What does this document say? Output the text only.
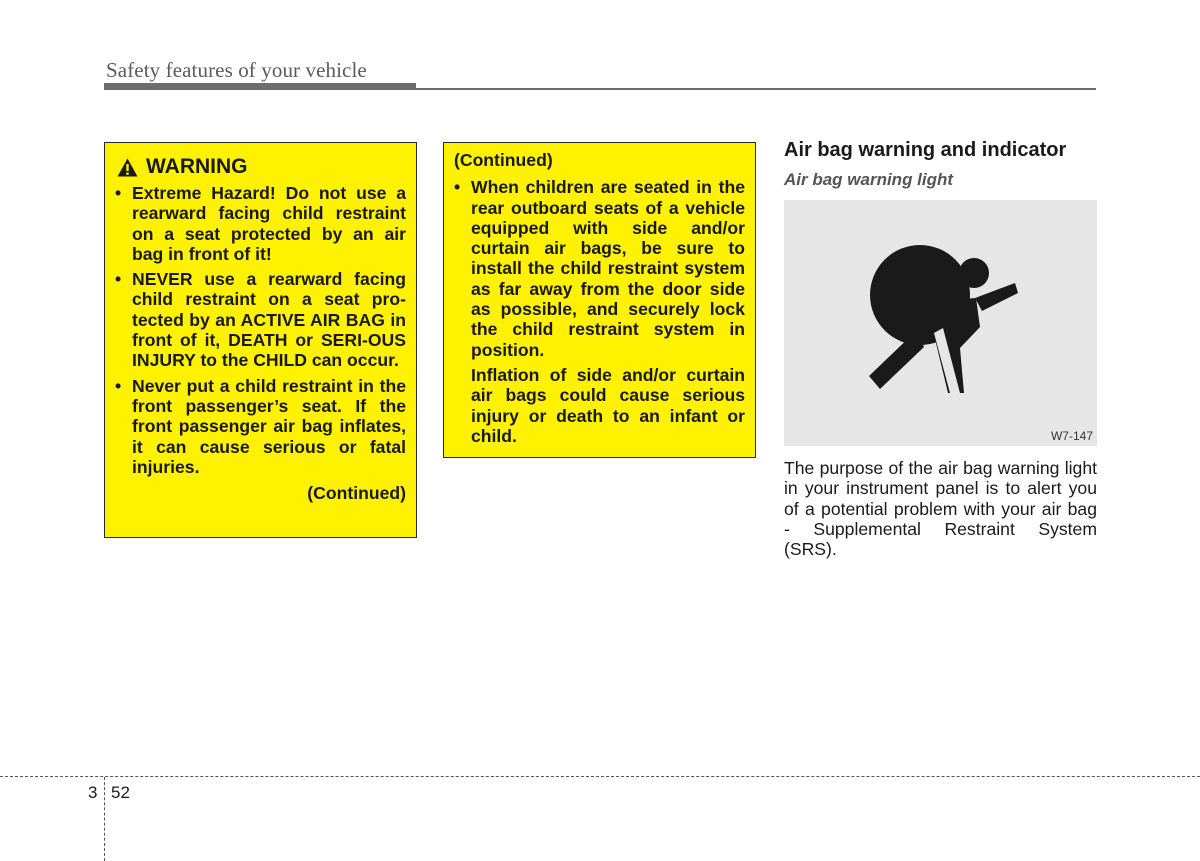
Safety features of your vehicle
WARNING
• Extreme Hazard! Do not use a rearward facing child restraint on a seat protected by an air bag in front of it!
• NEVER use a rearward facing child restraint on a seat pro-tected by an ACTIVE AIR BAG in front of it, DEATH or SERI-OUS INJURY to the CHILD can occur.
• Never put a child restraint in the front passenger’s seat. If the front passenger air bag inflates, it can cause serious or fatal injuries.
(Continued)
(Continued)
• When children are seated in the rear outboard seats of a vehicle equipped with side and/or curtain air bags, be sure to install the child restraint system as far away from the door side as possible, and securely lock the child restraint system in position.
Inflation of side and/or curtain air bags could cause serious injury or death to an infant or child.
Air bag warning and indicator
Air bag warning light
W7-147
The purpose of the air bag warning light in your instrument panel is to alert you of a potential problem with your air bag - Supplemental Restraint System (SRS).
3 52
